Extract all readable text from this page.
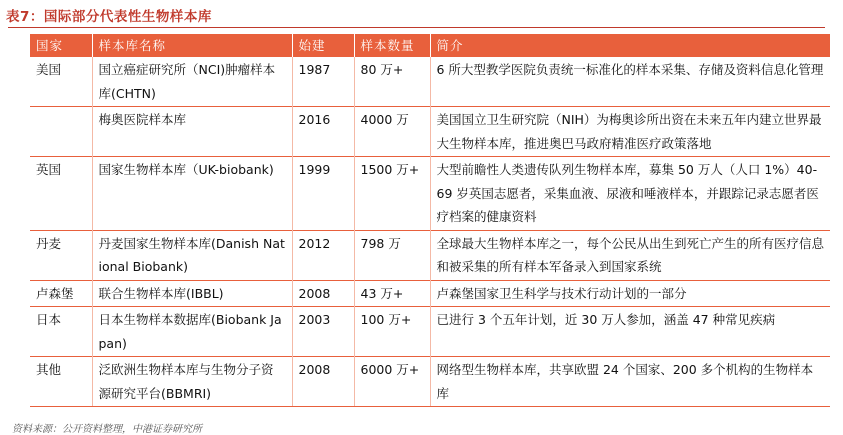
表7：国际部分代表性生物样本库
国家	样本库名称	始建	样本数量	简介
美国	国立癌症研究所（NCI)肿瘤样本库(CHTN)	1987	80 万+	6 所大型教学医院负责统一标准化的样本采集、存储及资料信息化管理
	梅奥医院样本库	2016	4000 万	美国国立卫生研究院（NIH）为梅奥诊所出资在未来五年内建立世界最大生物样本库，推进奥巴马政府精准医疗政策落地
英国	国家生物样本库（UK-biobank)	1999	1500 万+	大型前瞻性人类遗传队列生物样本库，募集 50 万人（人口 1%）40-69 岁英国志愿者，采集血液、尿液和唾液样本，并跟踪记录志愿者医疗档案的健康资料
丹麦	丹麦国家生物样本库(Danish National Biobank)	2012	798 万	全球最大生物样本库之一，每个公民从出生到死亡产生的所有医疗信息和被采集的所有样本军备录入到国家系统
卢森堡	联合生物样本库(IBBL)	2008	43 万+	卢森堡国家卫生科学与技术行动计划的一部分
日本	日本生物样本数据库(Biobank Japan)	2003	100 万+	已进行 3 个五年计划，近 30 万人参加，涵盖 47 种常见疾病
其他	泛欧洲生物样本库与生物分子资源研究平台(BBMRI)	2008	6000 万+	网络型生物样本库，共享欧盟 24 个国家、200 多个机构的生物样本库
资料来源：公开资料整理，中港证券研究所
